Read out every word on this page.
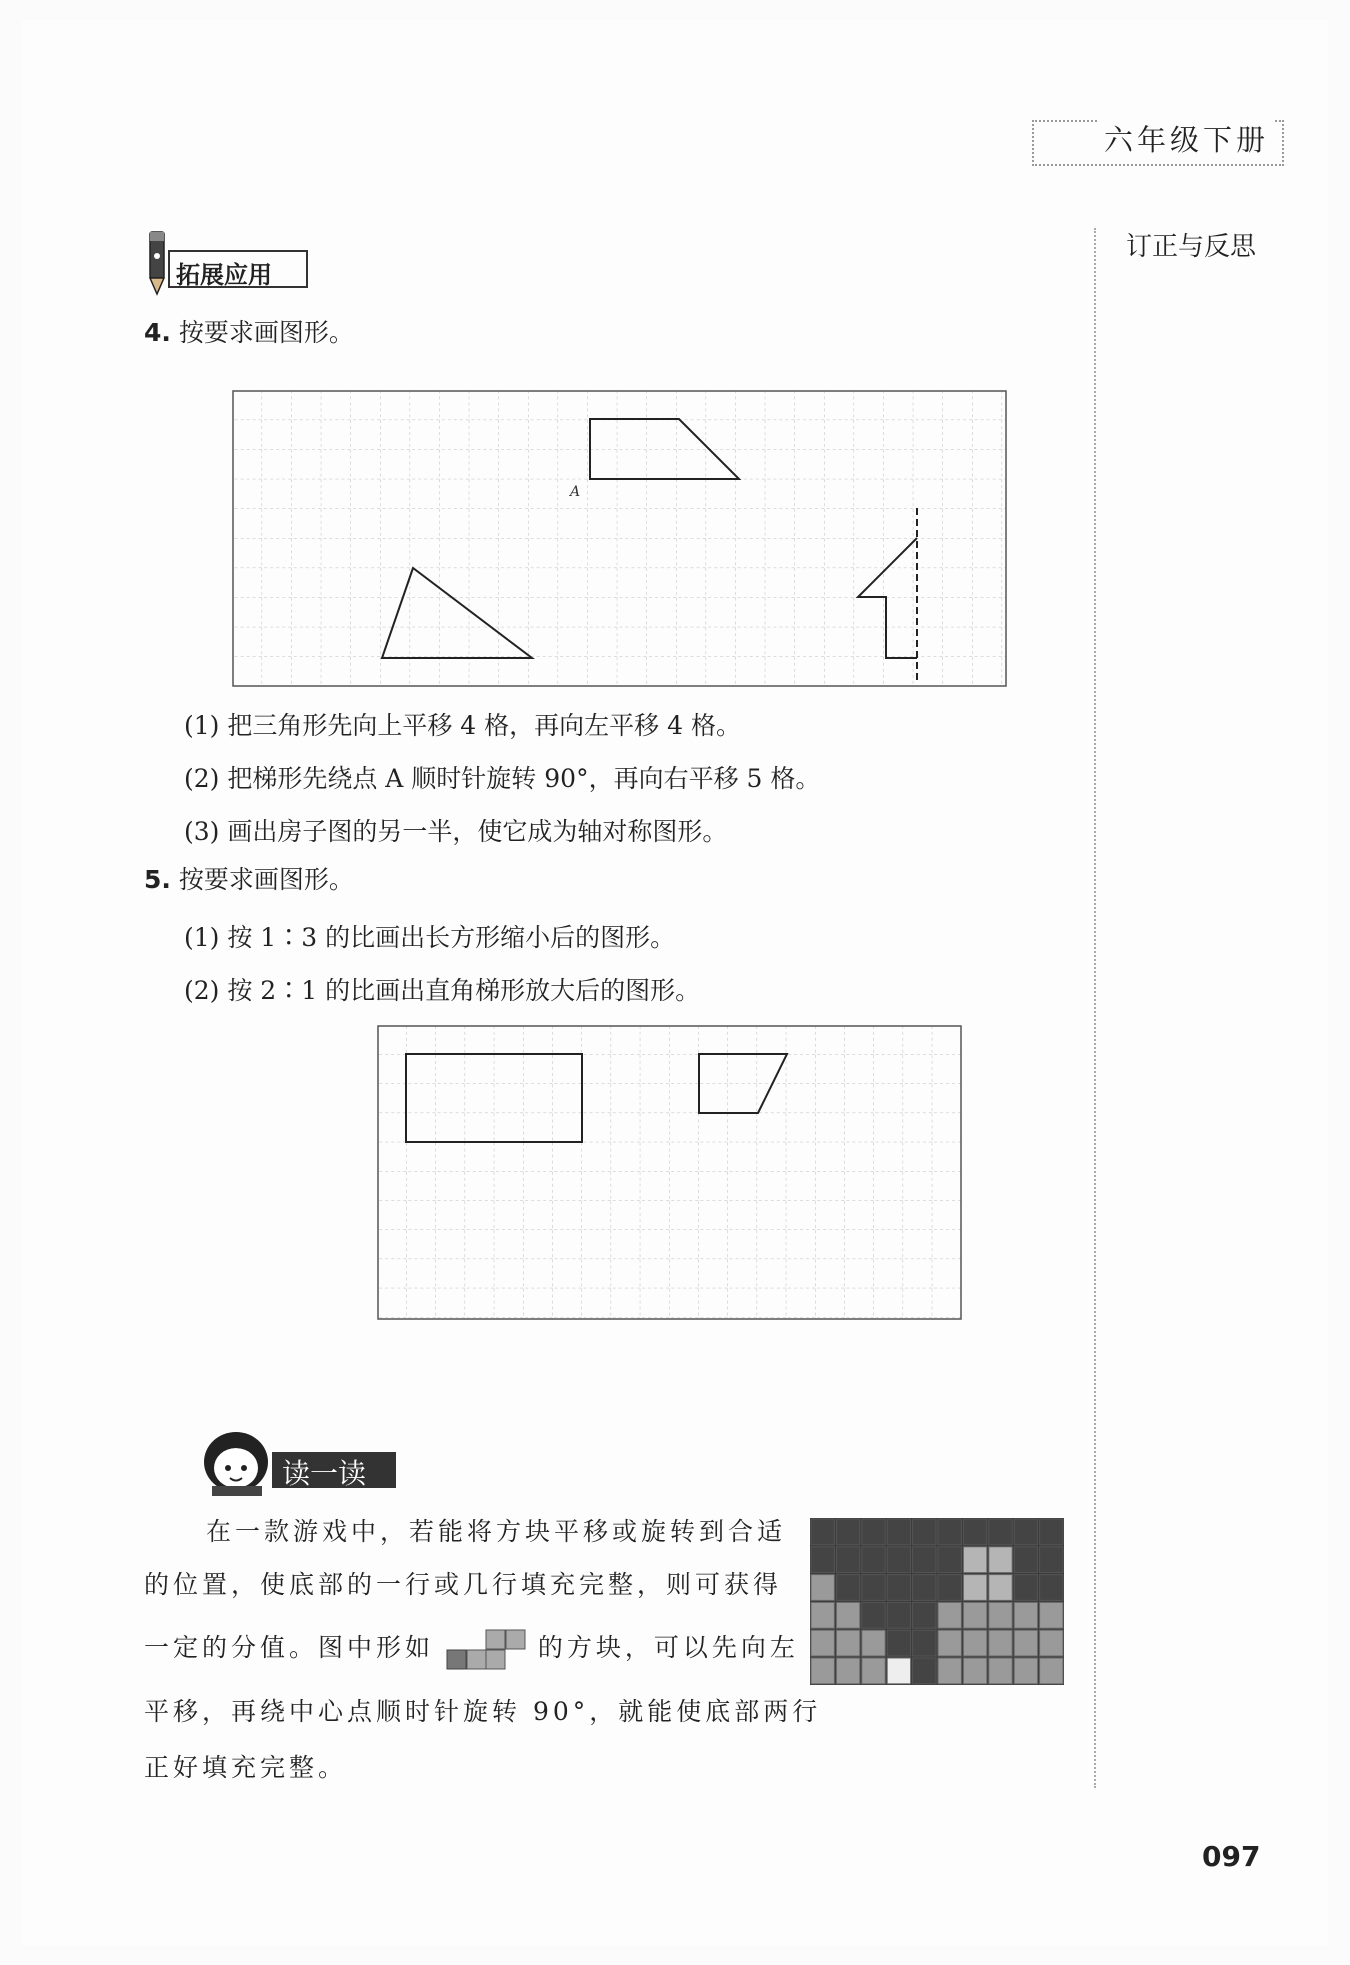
六年级下册
订正与反思
拓展应用
4. 按要求画图形。
A
(1) 把三角形先向上平移 4 格，再向左平移 4 格。
(2) 把梯形先绕点 A 顺时针旋转 90°，再向右平移 5 格。
(3) 画出房子图的另一半，使它成为轴对称图形。
5. 按要求画图形。
(1) 按 1∶3 的比画出长方形缩小后的图形。
(2) 按 2∶1 的比画出直角梯形放大后的图形。
读一读
在一款游戏中，若能将方块平移或旋转到合适
的位置，使底部的一行或几行填充完整，则可获得
一定的分值。图中形如	的方块，可以先向左
平移，再绕中心点顺时针旋转 90°，就能使底部两行
正好填充完整。
097
